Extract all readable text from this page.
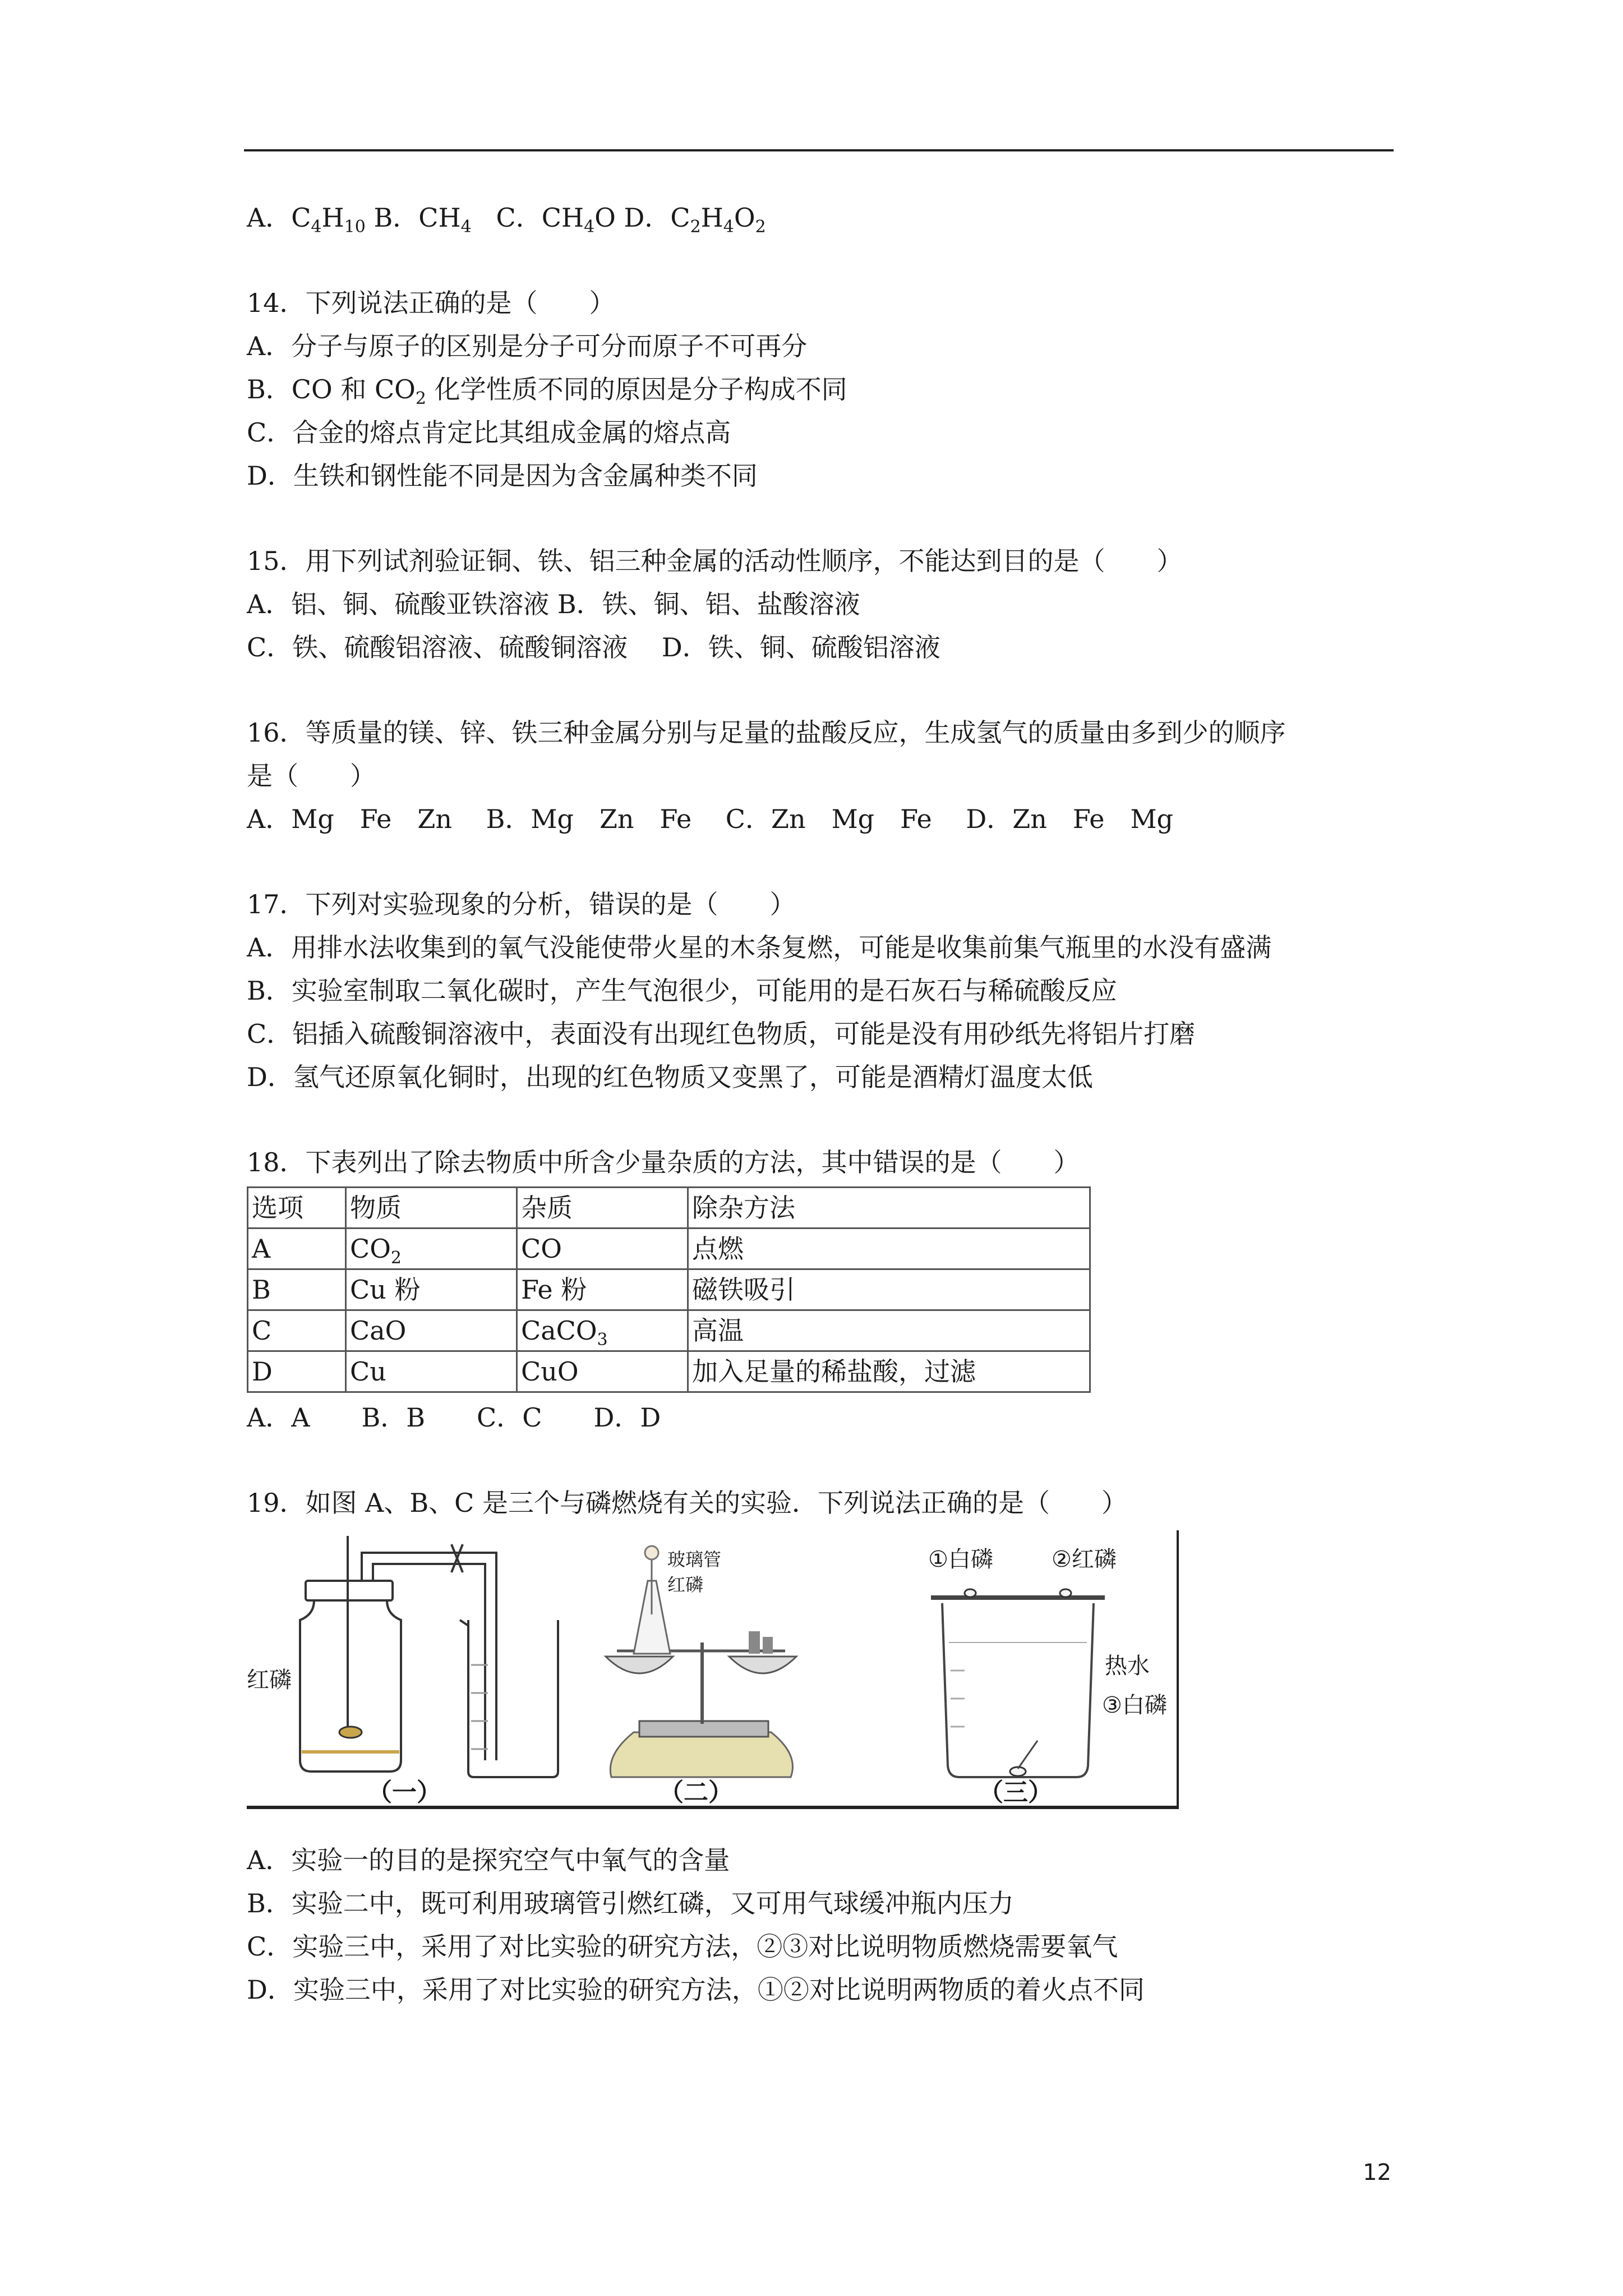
A．$C_4H_{10}$ B．$CH_4$ C．$CH_4O$ D．$C_2H_4O_2$
14．下列说法正确的是（　　）
A．分子与原子的区别是分子可分而原子不可再分
B．CO 和 $CO_2$ 化学性质不同的原因是分子构成不同
C．合金的熔点肯定比其组成金属的熔点高
D．生铁和钢性能不同是因为含金属种类不同
15．用下列试剂验证铜、铁、铝三种金属的活动性顺序，不能达到目的是（　　）
A．铝、铜、硫酸亚铁溶液 B．铁、铜、铝、盐酸溶液
C．铁、硫酸铝溶液、硫酸铜溶液　 D．铁、铜、硫酸铝溶液
16．等质量的镁、锌、铁三种金属分别与足量的盐酸反应，生成氢气的质量由多到少的顺序
是（　　）
A．Mg　Fe　Zn　 B．Mg　Zn　Fe　 C．Zn　Mg　Fe　 D．Zn　Fe　Mg
17．下列对实验现象的分析，错误的是（　　）
A．用排水法收集到的氧气没能使带火星的木条复燃，可能是收集前集气瓶里的水没有盛满
B．实验室制取二氧化碳时，产生气泡很少，可能用的是石灰石与稀硫酸反应
C．铝插入硫酸铜溶液中，表面没有出现红色物质，可能是没有用砂纸先将铝片打磨
D．氢气还原氧化铜时，出现的红色物质又变黑了，可能是酒精灯温度太低
18．下表列出了除去物质中所含少量杂质的方法，其中错误的是（　　）
选项	物质	杂质	除杂方法
A	$CO_2$	CO	点燃
B	Cu 粉	Fe 粉	磁铁吸引
C	CaO	CaCO$_3$	高温
D	Cu	CuO	加入足量的稀盐酸，过滤
A．A　　B．B　　C．C　　D．D
19．如图 A、B、C 是三个与磷燃烧有关的实验．下列说法正确的是（　　）
红磷
玻璃管
红磷
①白磷	②红磷
热水
③白磷
（一）	（二）	（三）
A．实验一的目的是探究空气中氧气的含量
B．实验二中，既可利用玻璃管引燃红磷，又可用气球缓冲瓶内压力
C．实验三中，采用了对比实验的研究方法，②③对比说明物质燃烧需要氧气
D．实验三中，采用了对比实验的研究方法，①②对比说明两物质的着火点不同
12
